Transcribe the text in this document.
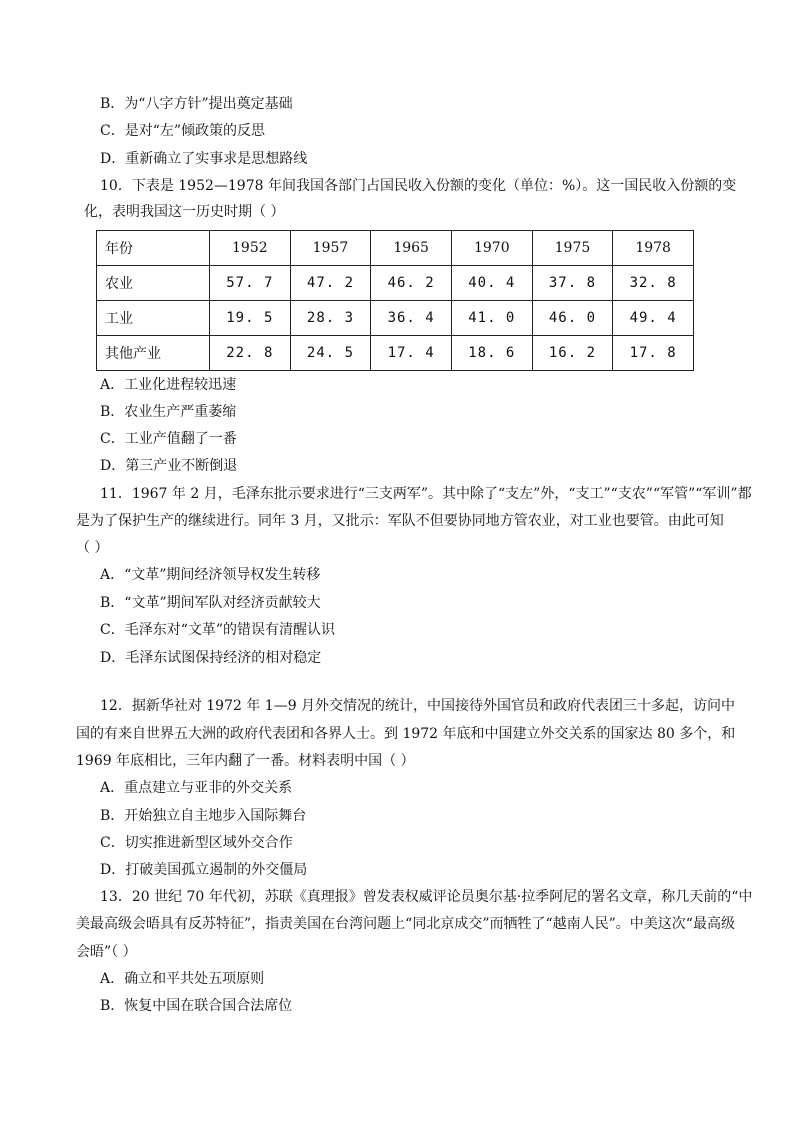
B．为“八字方针”提出奠定基础
C．是对“左”倾政策的反思
D．重新确立了实事求是思想路线
10．下表是 1952—1978 年间我国各部门占国民收入份额的变化（单位：%）。这一国民收入份额的变
化，表明我国这一历史时期（ ）
年份	1952	1957	1965	1970	1975	1978
农业	57. 7	47. 2	46. 2	40. 4	37. 8	32. 8
工业	19. 5	28. 3	36. 4	41. 0	46. 0	49. 4
其他产业	22. 8	24. 5	17. 4	18. 6	16. 2	17. 8
A．工业化进程较迅速
B．农业生产严重萎缩
C．工业产值翻了一番
D．第三产业不断倒退
11．1967 年 2 月，毛泽东批示要求进行“三支两军”。其中除了“支左”外，“支工”“支农”“军管”“军训”都
是为了保护生产的继续进行。同年 3 月，又批示：军队不但要协同地方管农业，对工业也要管。由此可知
（ ）
A．“文革”期间经济领导权发生转移
B．“文革”期间军队对经济贡献较大
C．毛泽东对“文革”的错误有清醒认识
D．毛泽东试图保持经济的相对稳定
12．据新华社对 1972 年 1—9 月外交情况的统计，中国接待外国官员和政府代表团三十多起，访问中
国的有来自世界五大洲的政府代表团和各界人士。到 1972 年底和中国建立外交关系的国家达 80 多个，和
1969 年底相比，三年内翻了一番。材料表明中国（ ）
A．重点建立与亚非的外交关系
B．开始独立自主地步入国际舞台
C．切实推进新型区域外交合作
D．打破美国孤立遏制的外交僵局
13．20 世纪 70 年代初，苏联《真理报》曾发表权威评论员奥尔基·拉季阿尼的署名文章，称几天前的“中
美最高级会晤具有反苏特征”，指责美国在台湾问题上“同北京成交”而牺牲了“越南人民”。中美这次“最高级
会晤”（ ）
A．确立和平共处五项原则
B．恢复中国在联合国合法席位
